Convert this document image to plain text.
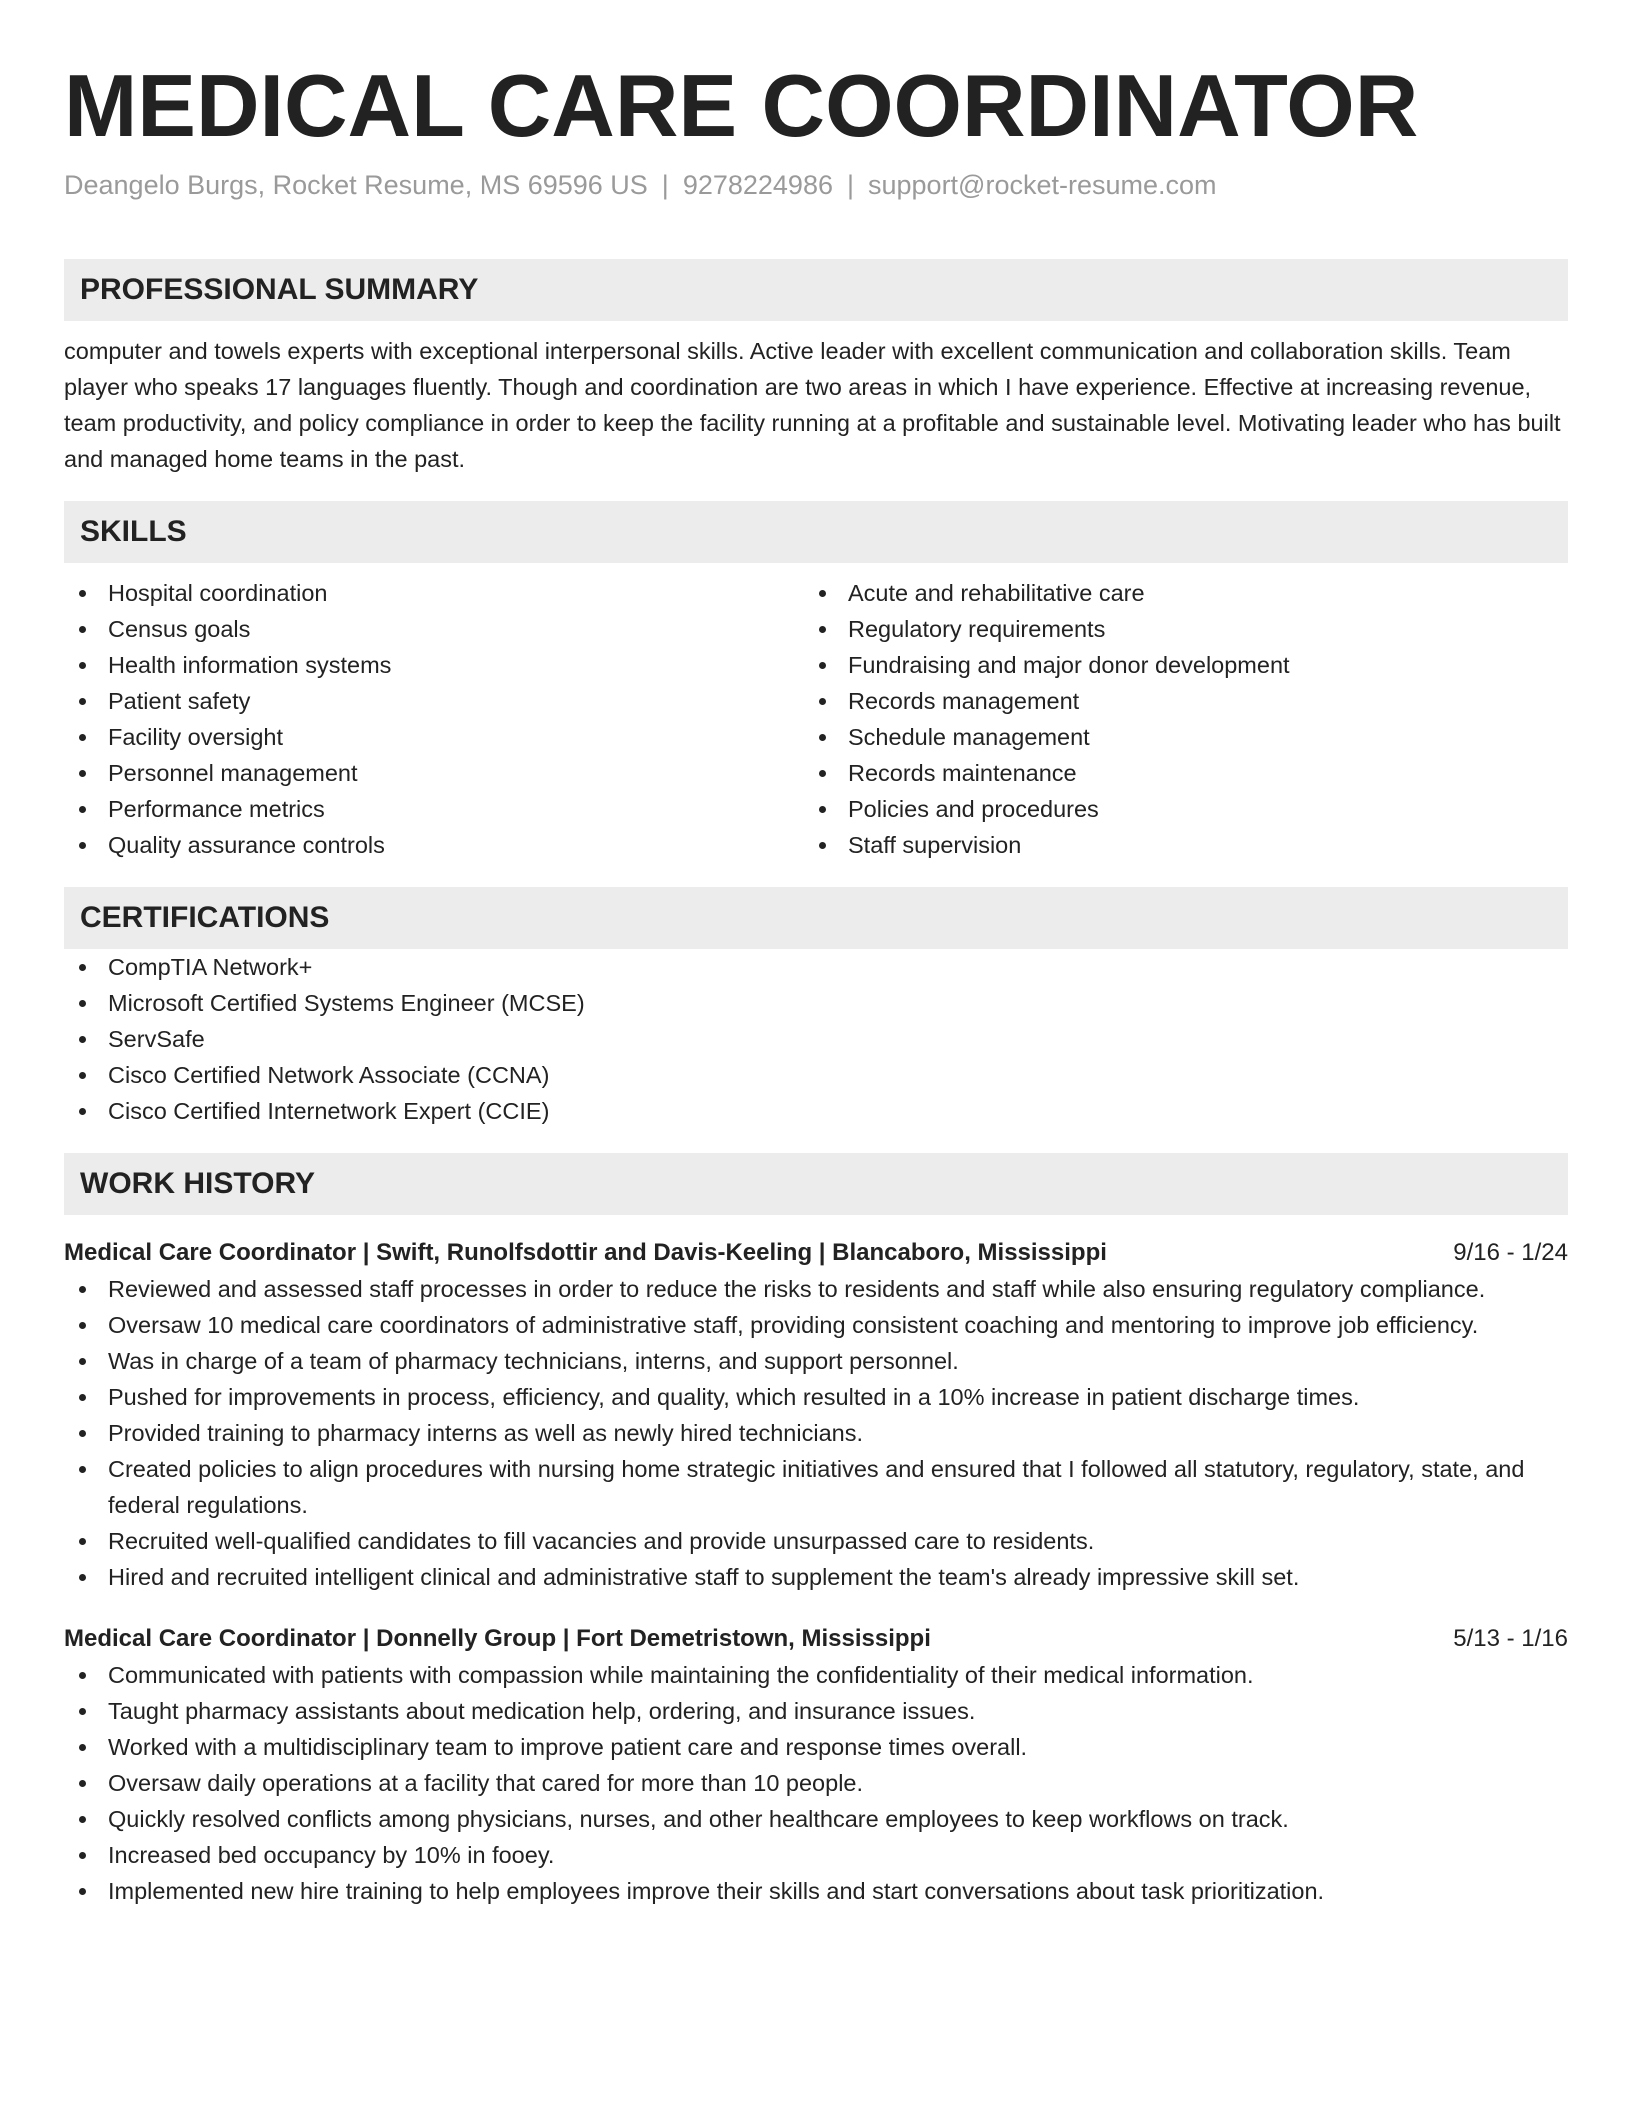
MEDICAL CARE COORDINATOR
Deangelo Burgs, Rocket Resume, MS 69596 US | 9278224986 | support@rocket-resume.com
PROFESSIONAL SUMMARY

computer and towels experts with exceptional interpersonal skills. Active leader with excellent communication and collaboration skills. Team player who speaks 17 languages fluently. Though and coordination are two areas in which I have experience. Effective at increasing revenue, team productivity, and policy compliance in order to keep the facility running at a profitable and sustainable level. Motivating leader who has built and managed home teams in the past.

SKILLS
Hospital coordination
Census goals
Health information systems
Patient safety
Facility oversight
Personnel management
Performance metrics
Quality assurance controls
Acute and rehabilitative care
Regulatory requirements
Fundraising and major donor development
Records management
Schedule management
Records maintenance
Policies and procedures
Staff supervision
CERTIFICATIONS
CompTIA Network+
Microsoft Certified Systems Engineer (MCSE)
ServSafe
Cisco Certified Network Associate (CCNA)
Cisco Certified Internetwork Expert (CCIE)
WORK HISTORY
Medical Care Coordinator | Swift, Runolfsdottir and Davis-Keeling | Blancaboro, Mississippi	9/16 - 1/24
Reviewed and assessed staff processes in order to reduce the risks to residents and staff while also ensuring regulatory compliance.
Oversaw 10 medical care coordinators of administrative staff, providing consistent coaching and mentoring to improve job efficiency.
Was in charge of a team of pharmacy technicians, interns, and support personnel.
Pushed for improvements in process, efficiency, and quality, which resulted in a 10% increase in patient discharge times.
Provided training to pharmacy interns as well as newly hired technicians.
Created policies to align procedures with nursing home strategic initiatives and ensured that I followed all statutory, regulatory, state, and federal regulations.
Recruited well-qualified candidates to fill vacancies and provide unsurpassed care to residents.
Hired and recruited intelligent clinical and administrative staff to supplement the team's already impressive skill set.
Medical Care Coordinator | Donnelly Group | Fort Demetristown, Mississippi	5/13 - 1/16
Communicated with patients with compassion while maintaining the confidentiality of their medical information.
Taught pharmacy assistants about medication help, ordering, and insurance issues.
Worked with a multidisciplinary team to improve patient care and response times overall.
Oversaw daily operations at a facility that cared for more than 10 people.
Quickly resolved conflicts among physicians, nurses, and other healthcare employees to keep workflows on track.
Increased bed occupancy by 10% in fooey.
Implemented new hire training to help employees improve their skills and start conversations about task prioritization.
